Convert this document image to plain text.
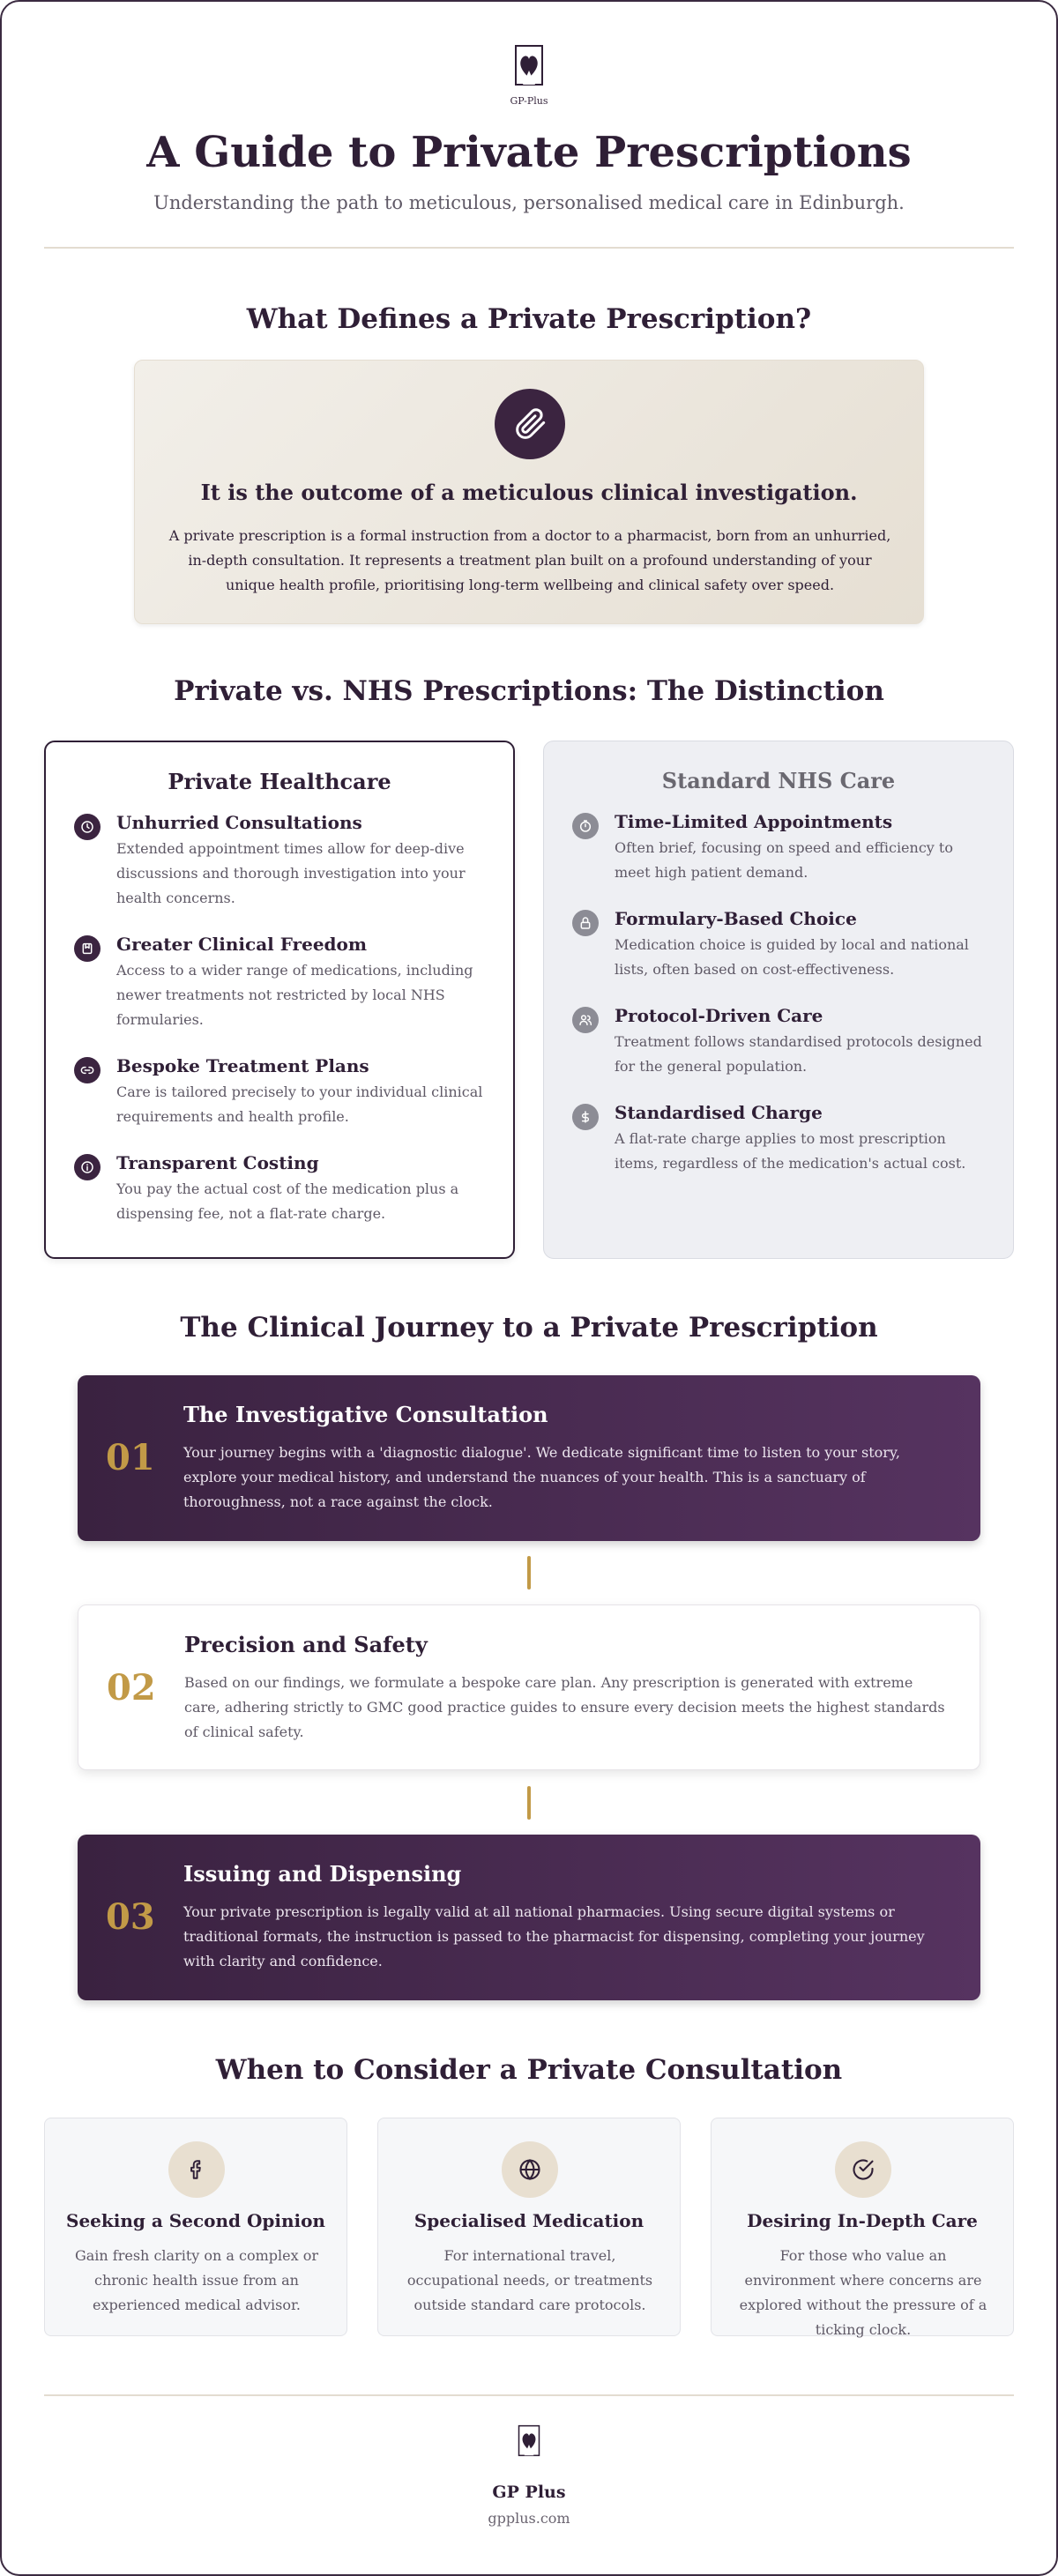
GP-Plus
A Guide to Private Prescriptions

Understanding the path to meticulous, personalised medical care in Edinburgh.

What Defines a Private Prescription?
It is the outcome of a meticulous clinical investigation.

A private prescription is a formal instruction from a doctor to a pharmacist, born from an unhurried, in-depth consultation. It represents a treatment plan built on a profound understanding of your unique health profile, prioritising long-term wellbeing and clinical safety over speed.

Private vs. NHS Prescriptions: The Distinction
Private Healthcare
Unhurried Consultations

Extended appointment times allow for deep-dive discussions and thorough investigation into your health concerns.

Greater Clinical Freedom

Access to a wider range of medications, including newer treatments not restricted by local NHS formularies.

Bespoke Treatment Plans

Care is tailored precisely to your individual clinical requirements and health profile.

Transparent Costing

You pay the actual cost of the medication plus a dispensing fee, not a flat-rate charge.

Standard NHS Care
Time-Limited Appointments

Often brief, focusing on speed and efficiency to meet high patient demand.

Formulary-Based Choice

Medication choice is guided by local and national lists, often based on cost-effectiveness.

Protocol-Driven Care

Treatment follows standardised protocols designed for the general population.

Standardised Charge

A flat-rate charge applies to most prescription items, regardless of the medication's actual cost.

The Clinical Journey to a Private Prescription
01
The Investigative Consultation

Your journey begins with a 'diagnostic dialogue'. We dedicate significant time to listen to your story, explore your medical history, and understand the nuances of your health. This is a sanctuary of thoroughness, not a race against the clock.

02
Precision and Safety

Based on our findings, we formulate a bespoke care plan. Any prescription is generated with extreme care, adhering strictly to GMC good practice guides to ensure every decision meets the highest standards of clinical safety.

03
Issuing and Dispensing

Your private prescription is legally valid at all national pharmacies. Using secure digital systems or traditional formats, the instruction is passed to the pharmacist for dispensing, completing your journey with clarity and confidence.

When to Consider a Private Consultation
Seeking a Second Opinion

Gain fresh clarity on a complex or chronic health issue from an experienced medical advisor.

Specialised Medication

For international travel, occupational needs, or treatments outside standard care protocols.

Desiring In-Depth Care

For those who value an environment where concerns are explored without the pressure of a ticking clock.

GP Plus

gpplus.com
